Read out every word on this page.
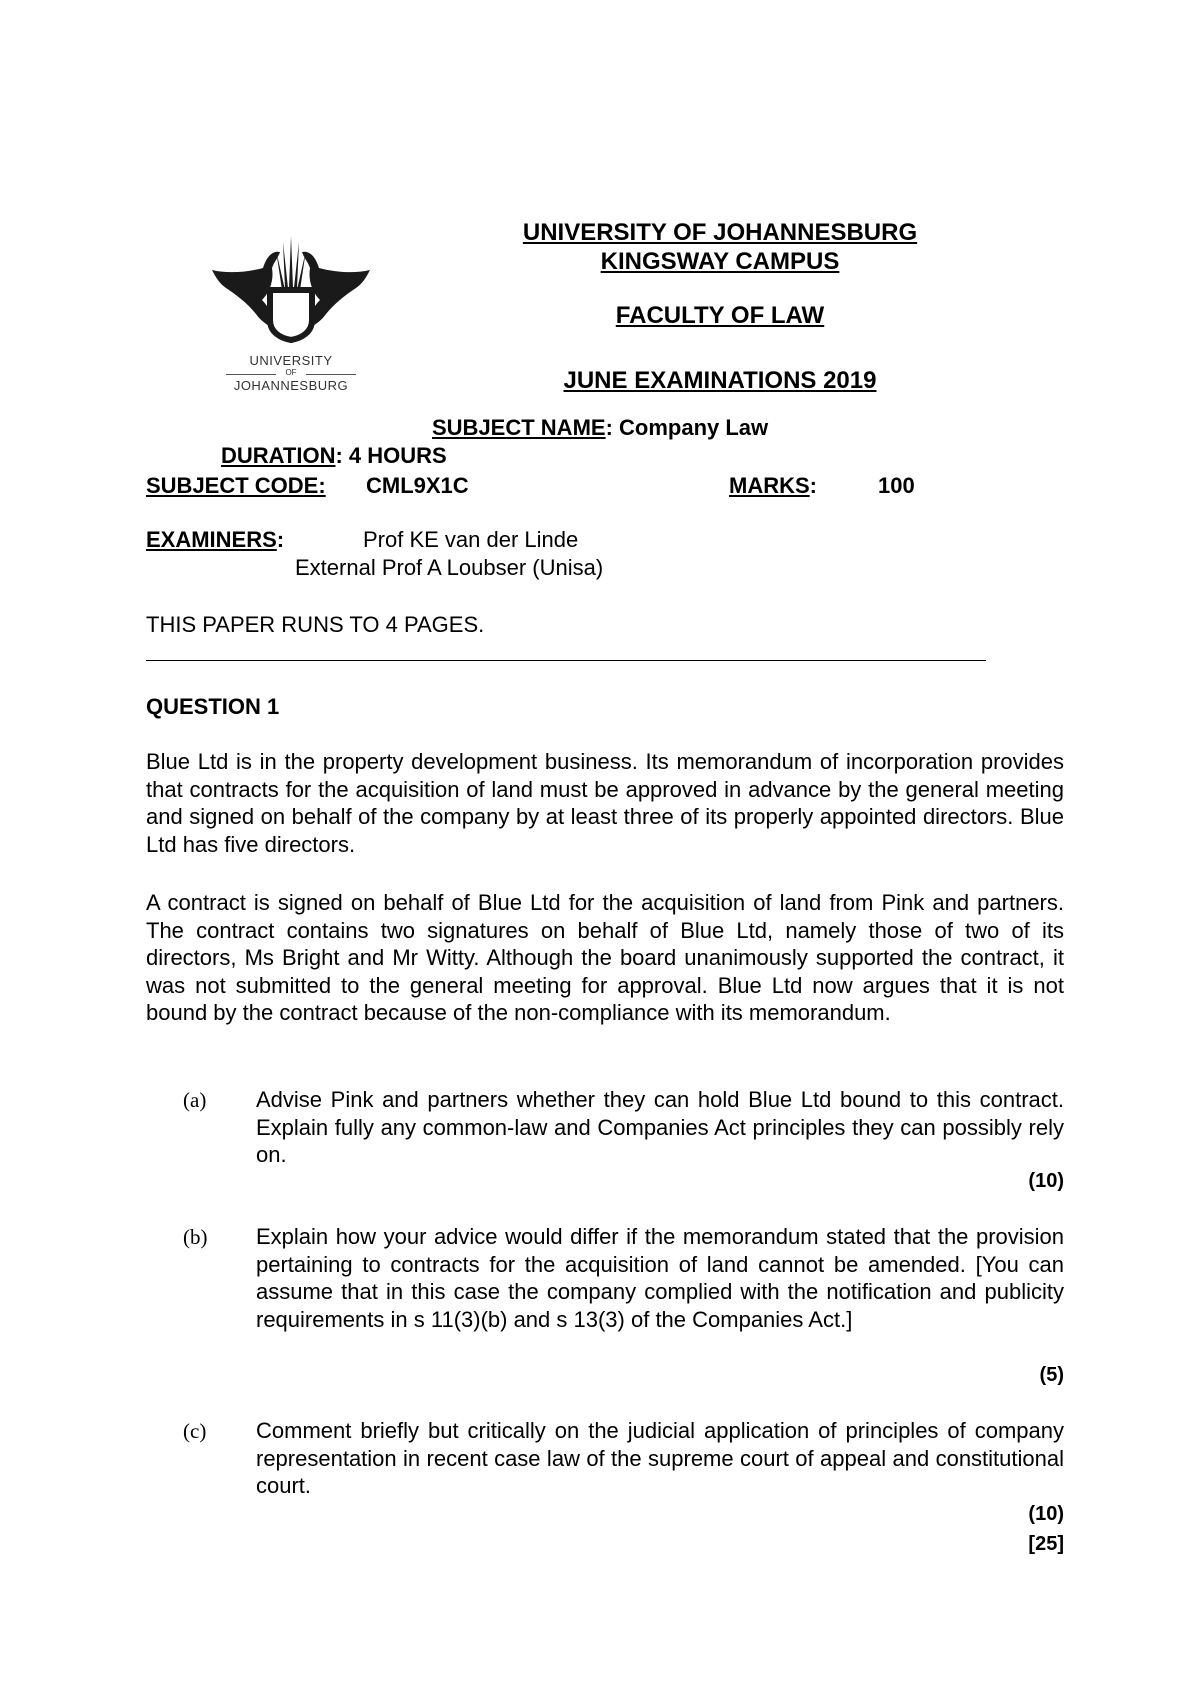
UNIVERSITY
OF
JOHANNESBURG
UNIVERSITY OF JOHANNESBURG
KINGSWAY CAMPUS
FACULTY OF LAW
JUNE EXAMINATIONS 2019
SUBJECT NAME: Company Law
DURATION: 4 HOURS
SUBJECT CODE: CML9X1C	MARKS:	100
EXAMINERS:	Prof KE van der Linde
External Prof A Loubser (Unisa)
THIS PAPER RUNS TO 4 PAGES.
QUESTION 1
Blue Ltd is in the property development business. Its memorandum of incorporation provides that contracts for the acquisition of land must be approved in advance by the general meeting and signed on behalf of the company by at least three of its properly appointed directors. Blue Ltd has five directors.
A contract is signed on behalf of Blue Ltd for the acquisition of land from Pink and partners. The contract contains two signatures on behalf of Blue Ltd, namely those of two of its directors, Ms Bright and Mr Witty. Although the board unanimously supported the contract, it was not submitted to the general meeting for approval. Blue Ltd now argues that it is not bound by the contract because of the non-compliance with its memorandum.
(a) Advise Pink and partners whether they can hold Blue Ltd bound to this contract. Explain fully any common-law and Companies Act principles they can possibly rely on.
(10)
(b) Explain how your advice would differ if the memorandum stated that the provision pertaining to contracts for the acquisition of land cannot be amended. [You can assume that in this case the company complied with the notification and publicity requirements in s 11(3)(b) and s 13(3) of the Companies Act.]
(5)
(c) Comment briefly but critically on the judicial application of principles of company representation in recent case law of the supreme court of appeal and constitutional court.
(10)
[25]
